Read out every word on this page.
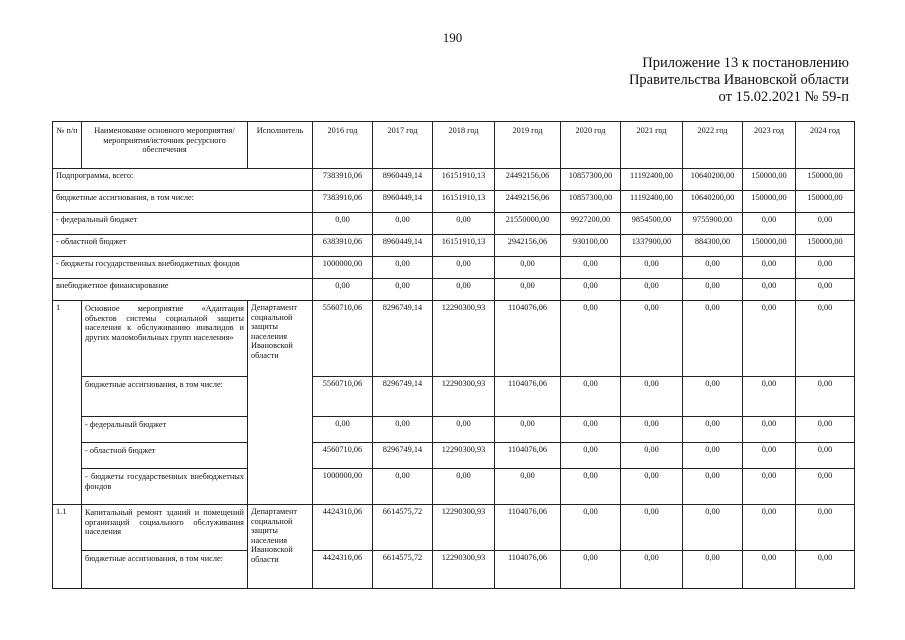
190
Приложение 13 к постановлению
Правительства Ивановской области
от 15.02.2021 № 59-п
№ п/п	Наименование основного мероприятия/мероприятия/источник ресурсного обеспечения	Исполнитель	2016 год	2017 год	2018 год	2019 год	2020 год	2021 год	2022 год	2023 год	2024 год
Подпрограмма, всего:			7383910,06	8960449,14	16151910,13	24492156,06	10857300,00	11192400,00	10640200,00	150000,00	150000,00
бюджетные ассигнования, в том числе:			7383910,06	8960449,14	16151910,13	24492156,06	10857300,00	11192400,00	10640200,00	150000,00	150000,00
- федеральный бюджет			0,00	0,00	0,00	21550000,00	9927200,00	9854500,00	9755900,00	0,00	0,00
- областной бюджет			6383910,06	8960449,14	16151910,13	2942156,06	930100,00	1337900,00	884300,00	150000,00	150000,00
- бюджеты государственных внебюджетных фондов			1000000,00	0,00	0,00	0,00	0,00	0,00	0,00	0,00	0,00
внебюджетное финансирование			0,00	0,00	0,00	0,00	0,00	0,00	0,00	0,00	0,00
1	Основное мероприятие «Адаптация объектов системы социальной защиты населения к обслуживанию инвалидов и других маломобильных групп населения»	Департамент социальной защиты населения Ивановской области	5560710,06	8296749,14	12290300,93	1104076,06	0,00	0,00	0,00	0,00	0,00
	бюджетные ассигнования, в том числе:		5560710,06	8296749,14	12290300,93	1104076,06	0,00	0,00	0,00	0,00	0,00
	- федеральный бюджет		0,00	0,00	0,00	0,00	0,00	0,00	0,00	0,00	0,00
	- областной бюджет		4560710,06	8296749,14	12290300,93	1104076,06	0,00	0,00	0,00	0,00	0,00
	- бюджеты государственных внебюджетных фондов		1000000,00	0,00	0,00	0,00	0,00	0,00	0,00	0,00	0,00
1.1	Капитальный ремонт зданий и помещений организаций социального обслуживания населения	Департамент социальной защиты населения Ивановской области	4424310,06	6614575,72	12290300,93	1104076,06	0,00	0,00	0,00	0,00	0,00
	бюджетные ассигнования, в том числе:		4424310,06	6614575,72	12290300,93	1104076,06	0,00	0,00	0,00	0,00	0,00
